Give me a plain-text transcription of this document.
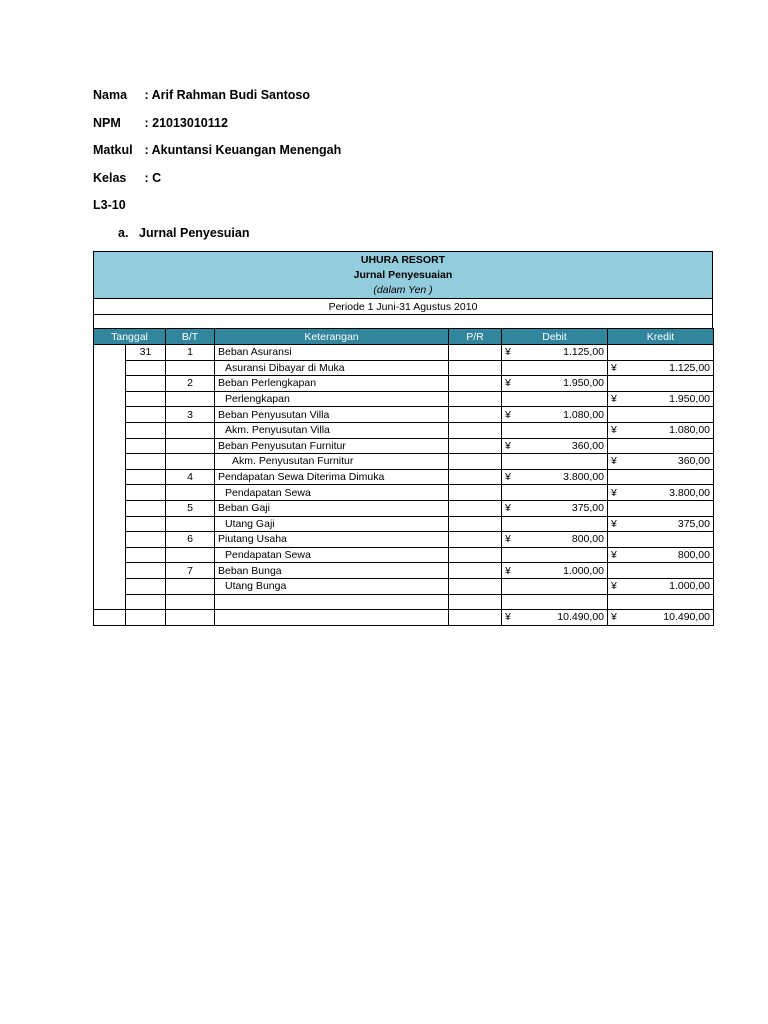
Nama : Arif Rahman Budi Santoso
NPM : 21013010112
Matkul : Akuntansi Keuangan Menengah
Kelas : C
L3-10
a. Jurnal Penyesuian
UHURA RESORT
Jurnal Penyesuaian
(dalam Yen )
Periode 1 Juni-31 Agustus 2010
Tanggal		B/T	Keterangan	P/R	Debit	Kredit
	31	1	Beban Asuransi		¥ 1.125,00	

			Asuransi Dibayar di Muka			¥ 1.125,00

		2	Beban Perlengkapan		¥ 1.950,00	

			Perlengkapan			¥ 1.950,00

		3	Beban Penyusutan Villa		¥ 1.080,00	

			Akm. Penyusutan Villa			¥ 1.080,00

			Beban Penyusutan Furnitur		¥ 360,00	

			Akm. Penyusutan Furnitur			¥ 360,00

		4	Pendapatan Sewa Diterima Dimuka		¥ 3.800,00	

			Pendapatan Sewa			¥ 3.800,00

		5	Beban Gaji		¥ 375,00	

			Utang Gaji			¥ 375,00

		6	Piutang Usaha		¥ 800,00	

			Pendapatan Sewa			¥ 800,00

		7	Beban Bunga		¥ 1.000,00	

			Utang Bunga			¥ 1.000,00

					¥ 10.490,00	¥ 10.490,00
